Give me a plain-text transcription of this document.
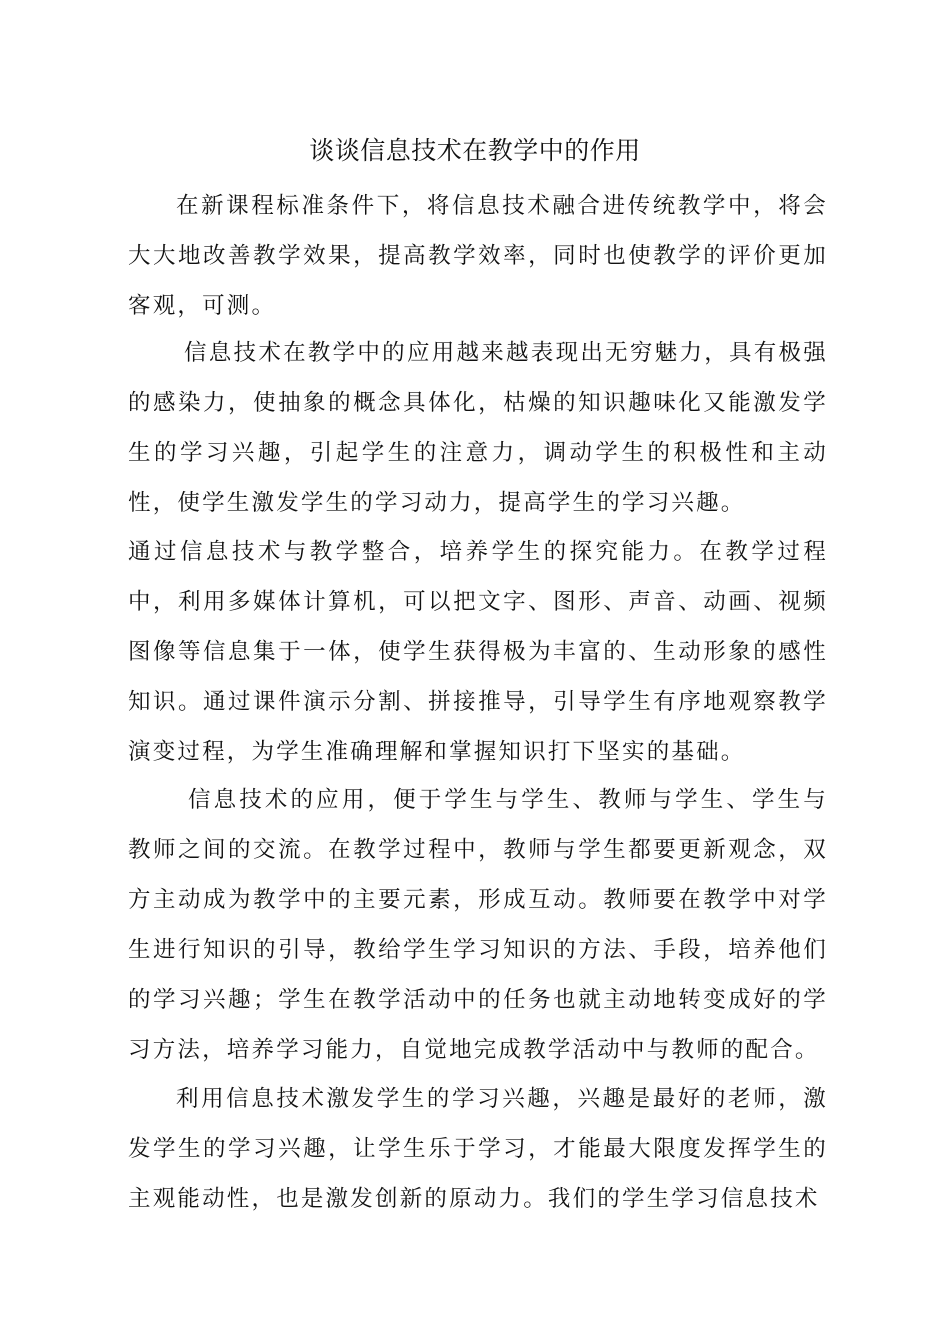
谈谈信息技术在教学中的作用

在新课程标准条件下，将信息技术融合进传统教学中，将会大大地改善教学效果，提高教学效率，同时也使教学的评价更加客观，可测。

信息技术在教学中的应用越来越表现出无穷魅力，具有极强的感染力，使抽象的概念具体化，枯燥的知识趣味化又能激发学生的学习兴趣，引起学生的注意力，调动学生的积极性和主动性，使学生激发学生的学习动力，提高学生的学习兴趣。

通过信息技术与教学整合，培养学生的探究能力。在教学过程中，利用多媒体计算机，可以把文字、图形、声音、动画、视频图像等信息集于一体，使学生获得极为丰富的、生动形象的感性知识。通过课件演示分割、拼接推导，引导学生有序地观察教学演变过程，为学生准确理解和掌握知识打下坚实的基础。

信息技术的应用，便于学生与学生、教师与学生、学生与教师之间的交流。在教学过程中，教师与学生都要更新观念，双方主动成为教学中的主要元素，形成互动。教师要在教学中对学生进行知识的引导，教给学生学习知识的方法、手段，培养他们的学习兴趣；学生在教学活动中的任务也就主动地转变成好的学习方法，培养学习能力，自觉地完成教学活动中与教师的配合。

利用信息技术激发学生的学习兴趣，兴趣是最好的老师，激发学生的学习兴趣，让学生乐于学习，才能最大限度发挥学生的主观能动性，也是激发创新的原动力。我们的学生学习信息技术
